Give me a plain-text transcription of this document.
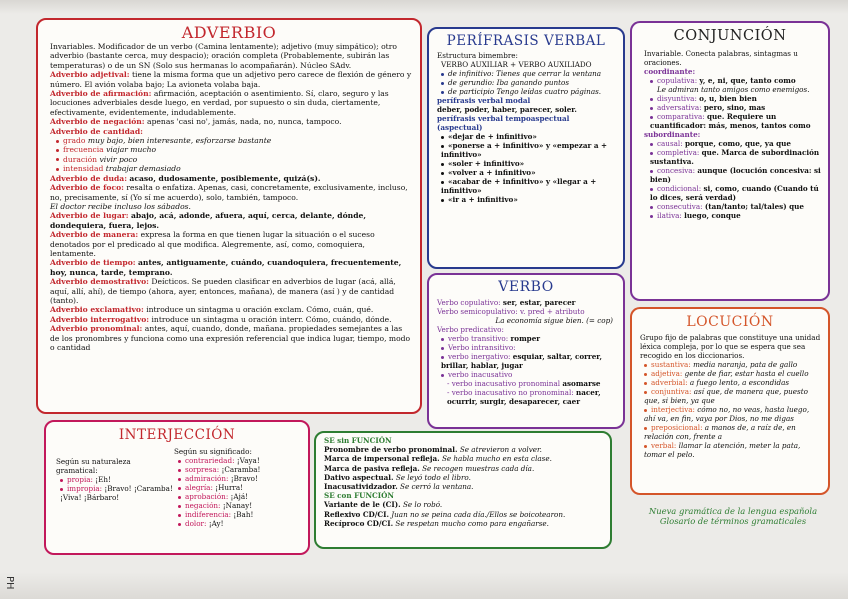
ADVERBIO

Invariables. Modificador de un verbo (Camina lentamente); adjetivo (muy simpático); otro adverbio (bastante cerca, muy despacio); oración completa (Probablemente, subirán las temperaturas) o de un SN (Solo sus hermanas lo acompañarán). Núcleo SAdv.

Adverbio adjetival: tiene la misma forma que un adjetivo pero carece de flexión de género y número. El avión volaba bajo; La avioneta volaba baja.

Adverbio de afirmación: afirmación, aceptación o asentimiento. Sí, claro, seguro y las locuciones adverbiales desde luego, en verdad, por supuesto o sin duda, ciertamente, efectivamente, evidentemente, indudablemente.

Adverbio de negación: apenas 'casi no', jamás, nada, no, nunca, tampoco.

Adverbio de cantidad:

grado muy bajo, bien interesante, esforzarse bastante
frecuencia viajar mucho
duración vivir poco
intensidad trabajar demasiado

Adverbio de duda: acaso, dudosamente, posiblemente, quizá(s).

Adverbio de foco: resalta o enfatiza. Apenas, casi, concretamente, exclusivamente, incluso, no, precisamente, sí (Yo sí me acuerdo), solo, también, tampoco.

El doctor recibe incluso los sábados.

Adverbio de lugar: abajo, acá, adonde, afuera, aquí, cerca, delante, dónde, dondequiera, fuera, lejos.

Adverbio de manera: expresa la forma en que tienen lugar la situación o el suceso denotados por el predicado al que modifica. Alegremente, así, como, comoquiera, lentamente.

Adverbio de tiempo: antes, antiguamente, cuándo, cuandoquiera, frecuentemente, hoy, nunca, tarde, temprano.

Adverbio demostrativo: Deícticos. Se pueden clasificar en adverbios de lugar (acá, allá, aquí, allí, ahí), de tiempo (ahora, ayer, entonces, mañana), de manera (así ) y de cantidad (tanto).

Adverbio exclamativo: introduce un sintagma u oración exclam. Cómo, cuán, qué.

Adverbio interrogativo: introduce un sintagma u oración interr. Cómo, cuándo, dónde.

Adverbio pronominal: antes, aquí, cuando, donde, mañana. propiedades semejantes a las de los pronombres y funciona como una expresión referencial que indica lugar, tiempo, modo o cantidad

PERÍFRASIS VERBAL

Estructura bimembre:

VERBO AUXILIAR + VERBO AUXILIADO

de infinitivo: Tienes que cerrar la ventana
de gerundio: Iba ganando puntos
de participio Tengo leídas cuatro páginas.

perífrasis verbal modal

deber, poder, haber, parecer, soler.

perífrasis verbal tempoaspectual (aspectual)

«dejar de + infinitivo»
«ponerse a + infinitivo» y «empezar a + infinitivo»
«soler + infinitivo»
«volver a + infinitivo»
«acabar de + infinitivo» y «llegar a + infinitivo»
«ir a + infinitivo»
CONJUNCIÓN

Invariable. Conecta palabras, sintagmas u oraciones.

coordinante:

copulativa: y, e, ni, que, tanto como
Le admiran tanto amigos como enemigos.
disyuntiva: o, u, bien bien
adversativa: pero, sino, mas
comparativa: que. Requiere un cuantificador: más, menos, tantos como

subordinante:

causal: porque, como, que, ya que
completiva: que. Marca de subordinación sustantiva.
concesiva: aunque (locución concesiva: si bien)
condicional: si, como, cuando (Cuando tú lo dices, será verdad)
consecutiva: (tan/tanto; tal/tales) que
ilativa: luego, conque
VERBO

Verbo copulativo: ser, estar, parecer

Verbo semicopulativo: v. pred + atributo

La economía sigue bien. (= cop)

Verbo predicativo:

verbo transitivo: romper
Verbo intransitivo:
verbo inergativo: esquiar, saltar, correr, brillar, hablar, jugar
verbo inacusativo

- verbo inacusativo pronominal asomarse

- verbo inacusativo no pronominal: nacer, ocurrir, surgir, desaparecer, caer

LOCUCIÓN

Grupo fijo de palabras que constituye una unidad léxica compleja, por lo que se espera que sea recogido en los diccionarios.

sustantiva: media naranja, pata de gallo
adjetiva: gente de fiar, estar hasta el cuello
adverbial: a fuego lento, a escondidas
conjuntiva: así que, de manera que, puesto que, si bien, ya que
interjectiva: cómo no, no veas, hasta luego, ahí va, en fin, vaya por Dios, no me digas
preposicional: a manos de, a raíz de, en relación con, frente a
verbal: llamar la atención, meter la pata, tomar el pelo.
INTERJECCIÓN

Según su naturaleza gramatical:

propia: ¡Eh!
impropia: ¡Bravo! ¡Caramba! ¡Viva! ¡Bárbaro!

Según su significado:

contrariedad: ¡Vaya!
sorpresa: ¡Caramba!
admiración: ¡Bravo!
alegría: ¡Hurra!
aprobación: ¡Ajá!
negación: ¡Nanay!
indiferencia: ¡Bah!
dolor: ¡Ay!

SE sin FUNCIÓN

Pronombre de verbo pronominal. Se atrevieron a volver.

Marca de impersonal refleja. Se habla mucho en esta clase.

Marca de pasiva refleja. Se recogen muestras cada día.

Dativo aspectual. Se leyó todo el libro.

Inacusatividzador. Se cerró la ventana.

SE con FUNCIÓN

Variante de le (CI). Se lo robó.

Reflexivo CD/CI. Juan no se peina cada día./Ellos se boicotearon.

Recíproco CD/CI. Se respetan mucho como para engañarse.

Nueva gramática de la lengua española
Glosario de términos gramaticales
PH
